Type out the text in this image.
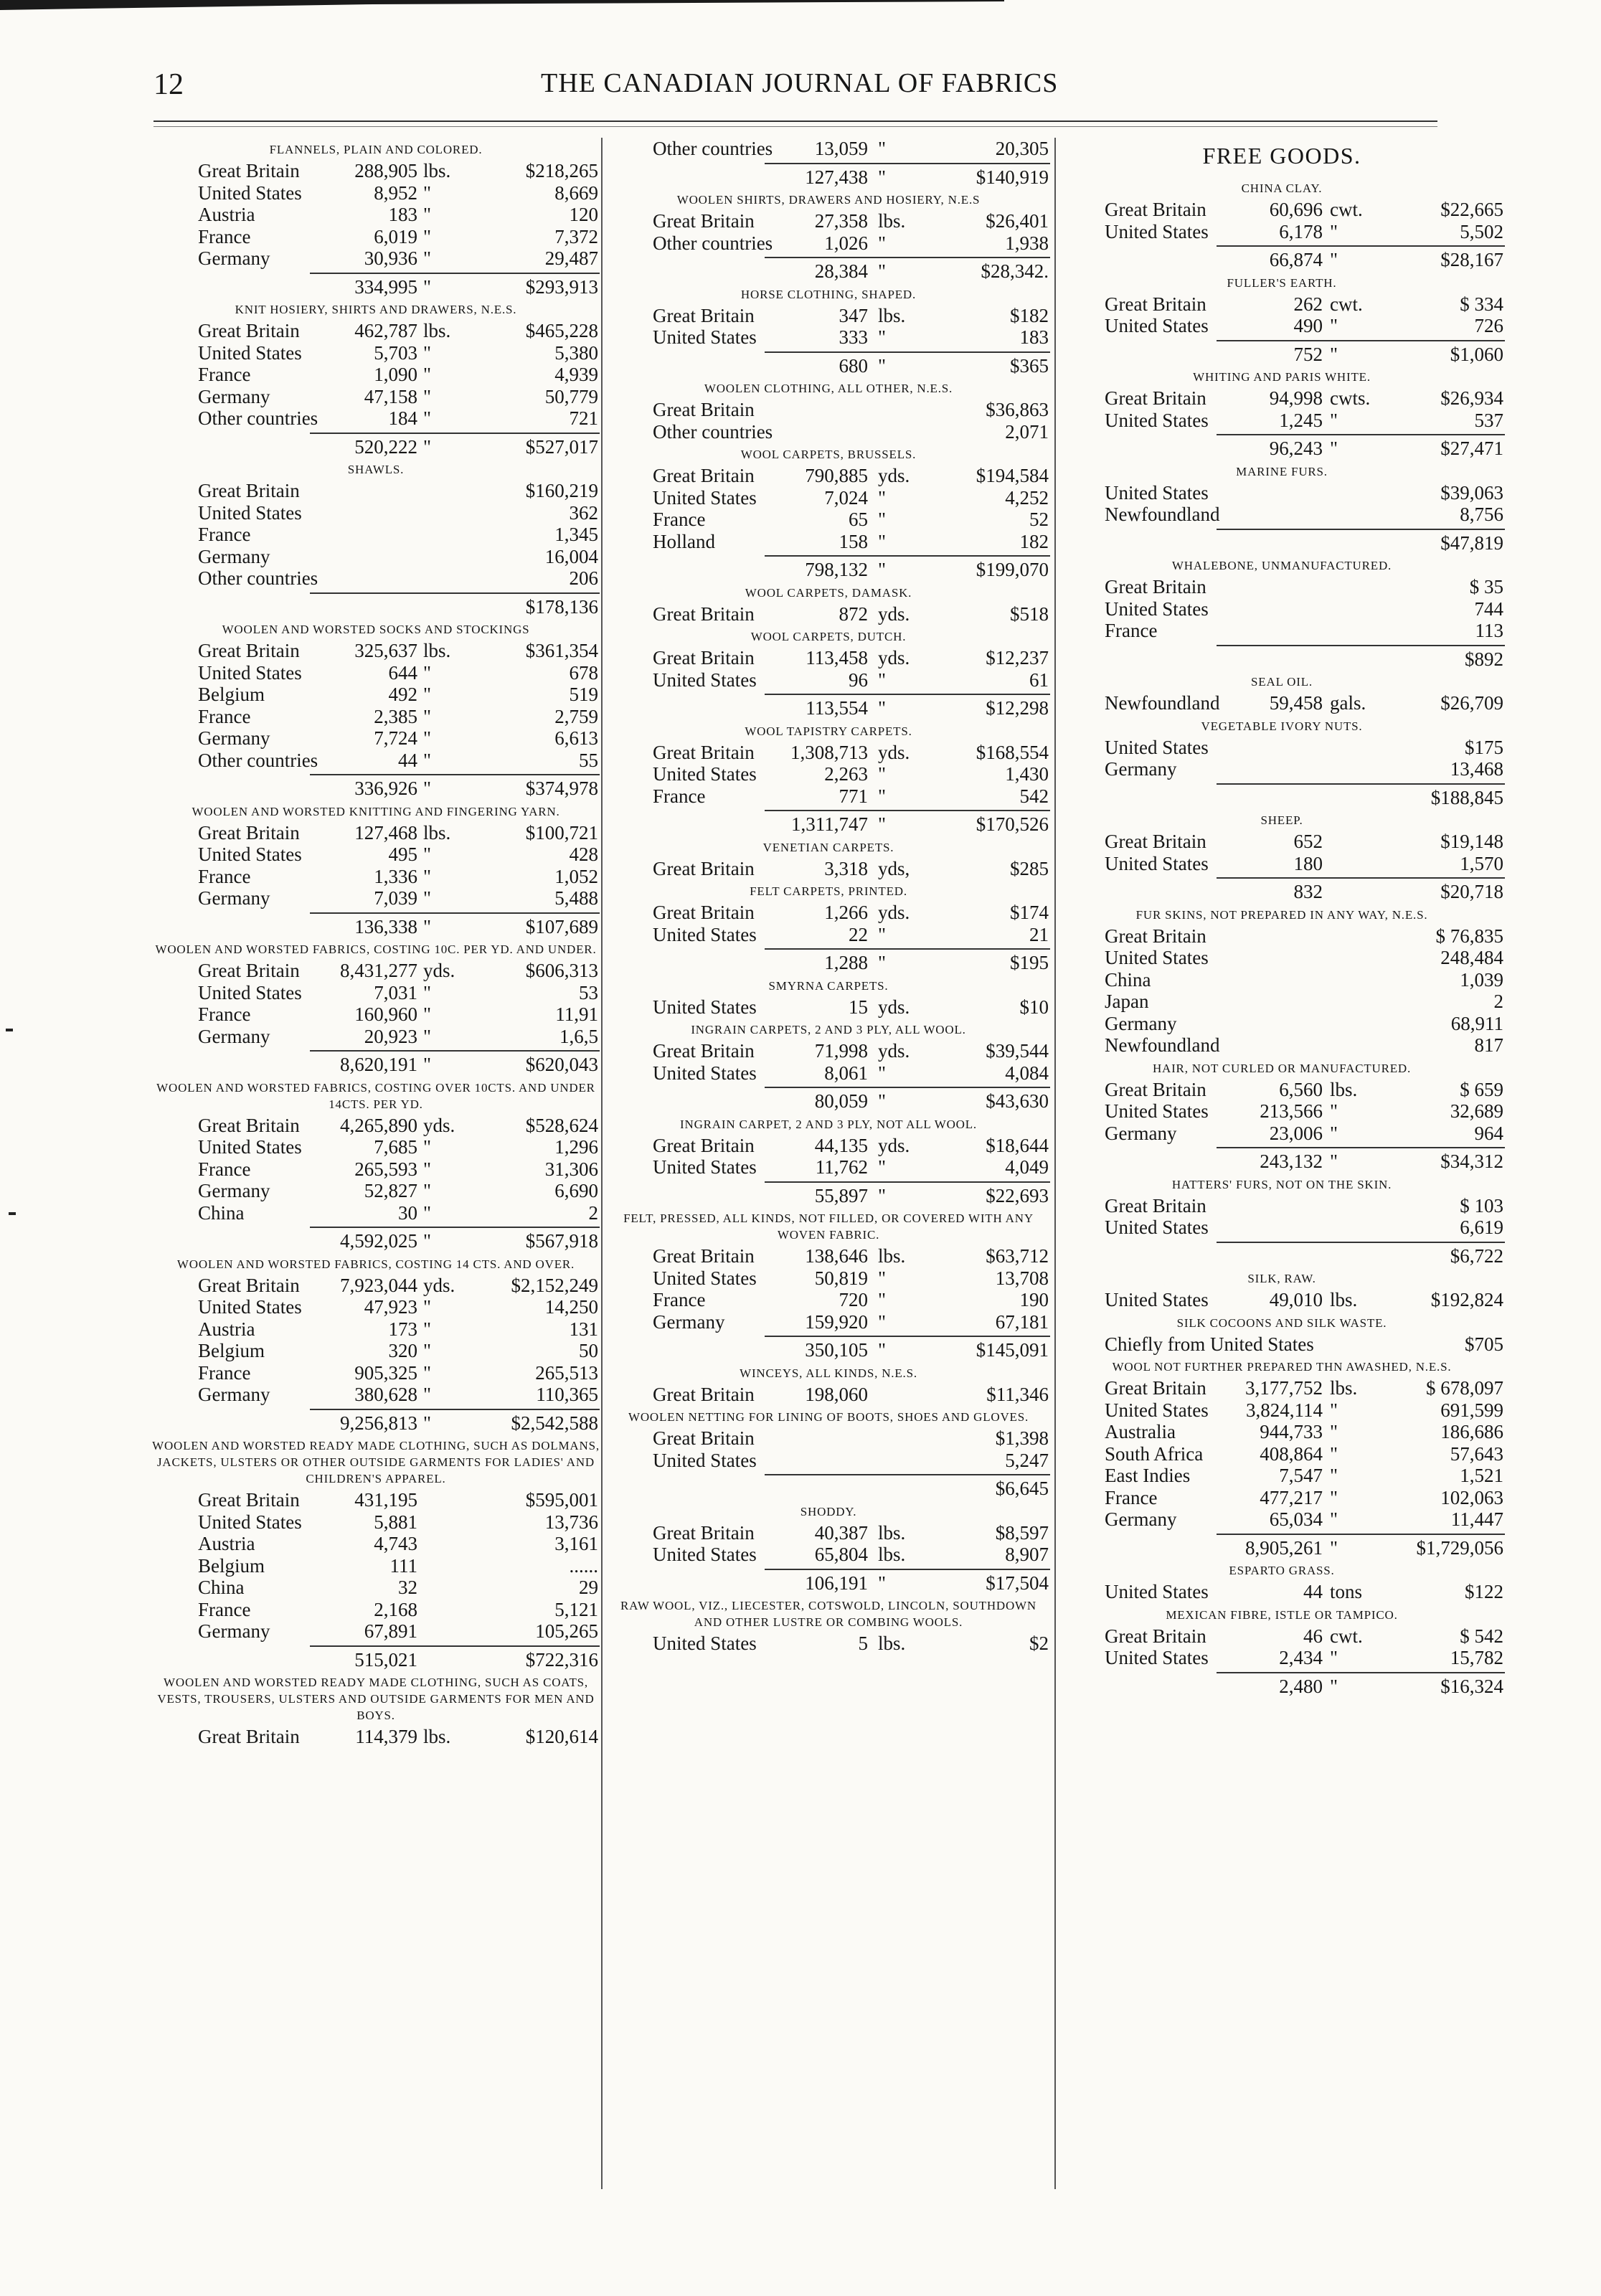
12	THE CANADIAN JOURNAL OF FABRICS
FLANNELS, PLAIN AND COLORED.
Great Britain	288,905 lbs.	$218,265
United States	8,952 "	8,669
Austria	183 "	120
France	6,019 "	7,372
Germany	30,936 "	29,487
334,995 "	$293,913
KNIT HOSIERY, SHIRTS AND DRAWERS, N.E.S.
Great Britain	462,787 lbs.	$465,228
United States	5,703 "	5,380
France	1,090 "	4,939
Germany	47,158 "	50,779
Other countries	184 "	721
520,222 "	$527,017
SHAWLS.
Great Britain	$160,219
United States	362
France	1,345
Germany	16,004
Other countries	206
$178,136
WOOLEN AND WORSTED SOCKS AND STOCKINGS
Great Britain	325,637 lbs.	$361,354
United States	644 "	678
Belgium	492 "	519
France	2,385 "	2,759
Germany	7,724 "	6,613
Other countries	44 "	55
336,926 "	$374,978
WOOLEN AND WORSTED KNITTING AND FINGERING YARN.
Great Britain	127,468 lbs.	$100,721
United States	495 "	428
France	1,336 "	1,052
Germany	7,039 "	5,488
136,338 "	$107,689
WOOLEN AND WORSTED FABRICS, COSTING 10C. PER YD. AND UNDER.
Great Britain 8,431,277 yds.	$606,313
United States	7,031 "	53
France	160,960 "	11,91
Germany	20,923 "	1,6,5
8,620,191 "	$620,043
WOOLEN AND WORSTED FABRICS, COSTING OVER 10CTS. AND UNDER 14CTS. PER YD.
Great Britain 4,265,890 yds.	$528,624
United States	7,685 "	1,296
France	265,593 "	31,306
Germany	52,827 "	6,690
China	30 "	2
4,592,025 "	$567,918
WOOLEN AND WORSTED FABRICS, COSTING 14 CTS. AND OVER.
Great Britain 7,923,044 yds.	$2,152,249
United States	47,923 "	14,250
Austria	173 "	131
Belgium	320 "	50
France	905,325 "	265,513
Germany	380,628 "	110,365
9,256,813 "	$2,542,588
WOOLEN AND WORSTED READY MADE CLOTHING, SUCH AS DOLMANS, JACKETS, ULSTERS OR OTHER OUTSIDE GARMENTS FOR LADIES' AND CHILDREN'S APPAREL.
Great Britain	431,195	$595,001
United States	5,881	13,736
Austria	4,743	3,161
Belgium	111	......
China	32	29
France	2,168	5,121
Germany	67,891	105,265
515,021	$722,316
WOOLEN AND WORSTED READY MADE CLOTHING, SUCH AS COATS, VESTS, TROUSERS, ULSTERS AND OUTSIDE GARMENTS FOR MEN AND BOYS.
Great Britain	114,379 lbs.	$120,614
Other countries 13,059 "	20,305
127,438 "	$140,919
WOOLEN SHIRTS, DRAWERS AND HOSIERY, N.E.S
Great Britain	27,358 lbs.	$26,401
Other countries	1,026 "	1,938
28,384 "	$28,342.
HORSE CLOTHING, SHAPED.
Great Britain	347 lbs.	$182
United States	333 "	183
680 "	$365
WOOLEN CLOTHING, ALL OTHER, N.E.S.
Great Britain	$36,863
Other countries	2,071
WOOL CARPETS, BRUSSELS.
Great Britain	790,885 yds.	$194,584
United States	7,024 "	4,252
France	65 "	52
Holland	158 "	182
798,132 "	$199,070
WOOL CARPETS, DAMASK.
Great Britain	872 yds.	$518
WOOL CARPETS, DUTCH.
Great Britain	113,458 yds.	$12,237
United States	96 "	61
113,554 "	$12,298
WOOL TAPISTRY CARPETS.
Great Britain 1,308,713 yds.	$168,554
United States	2,263 "	1,430
France	771 "	542
1,311,747 "	$170,526
VENETIAN CARPETS.
Great Britain	3,318 yds,	$285
FELT CARPETS, PRINTED.
Great Britain	1,266 yds.	$174
United States	22 "	21
1,288 "	$195
SMYRNA CARPETS.
United States	15 yds.	$10
INGRAIN CARPETS, 2 AND 3 PLY, ALL WOOL.
Great Britain	71,998 yds.	$39,544
United States	8,061 "	4,084
80,059 "	$43,630
INGRAIN CARPET, 2 AND 3 PLY, NOT ALL WOOL.
Great Britain	44,135 yds.	$18,644
United States	11,762 "	4,049
55,897 "	$22,693
FELT, PRESSED, ALL KINDS, NOT FILLED, OR COVERED WITH ANY WOVEN FABRIC.
Great Britain	138,646 lbs.	$63,712
United States	50,819 "	13,708
France	720 "	190
Germany	159,920 "	67,181
350,105 "	$145,091
WINCEYS, ALL KINDS, N.E.S.
Great Britain	198,060	$11,346
WOOLEN NETTING FOR LINING OF BOOTS, SHOES AND GLOVES.
Great Britain	$1,398
United States	5,247
$6,645
SHODDY.
Great Britain	40,387 lbs.	$8,597
United States	65,804 lbs.	8,907
106,191 "	$17,504
RAW WOOL, VIZ., LIECESTER, COTSWOLD, LINCOLN, SOUTHDOWN AND OTHER LUSTRE OR COMBING WOOLS.
United States	5 lbs.	$2
FREE GOODS.
CHINA CLAY.
Great Britain	60,696 cwt.	$22,665
United States	6,178 "	5,502
66,874 "	$28,167
FULLER'S EARTH.
Great Britain	262 cwt.	$ 334
United States	490 "	726
752 "	$1,060
WHITING AND PARIS WHITE.
Great Britain	94,998 cwts.	$26,934
United States	1,245 "	537
96,243 "	$27,471
MARINE FURS.
United States	$39,063
Newfoundland	8,756
$47,819
WHALEBONE, UNMANUFACTURED.
Great Britain	$ 35
United States	744
France	113
$892
SEAL OIL.
Newfoundland	59,458 gals.	$26,709
VEGETABLE IVORY NUTS.
United States	$175
Germany	13,468
$188,845
SHEEP.
Great Britain	652	$19,148
United States	180	1,570
832	$20,718
FUR SKINS, NOT PREPARED IN ANY WAY, N.E.S.
Great Britain	$ 76,835
United States	248,484
China	1,039
Japan	2
Germany	68,911
Newfoundland	817
HAIR, NOT CURLED OR MANUFACTURED.
Great Britain	6,560 lbs.	$ 659
United States	213,566 "	32,689
Germany	23,006 "	964
243,132 "	$34,312
HATTERS' FURS, NOT ON THE SKIN.
Great Britain	$ 103
United States	6,619
$6,722
SILK, RAW.
United States	49,010 lbs.	$192,824
SILK COCOONS AND SILK WASTE.
Chiefly from United States	$705
WOOL NOT FURTHER PREPARED THN AWASHED, N.E.S.
Great Britain 3,177,752 lbs.	$ 678,097
United States 3,824,114 "	691,599
Australia	944,733 "	186,686
South Africa	408,864 "	57,643
East Indies	7,547 "	1,521
France	477,217 "	102,063
Germany	65,034 "	11,447
8,905,261 "	$1,729,056
ESPARTO GRASS.
United States	44 tons	$122
MEXICAN FIBRE, ISTLE OR TAMPICO.
Great Britain	46 cwt.	$ 542
United States	2,434 "	15,782
2,480 "	$16,324
